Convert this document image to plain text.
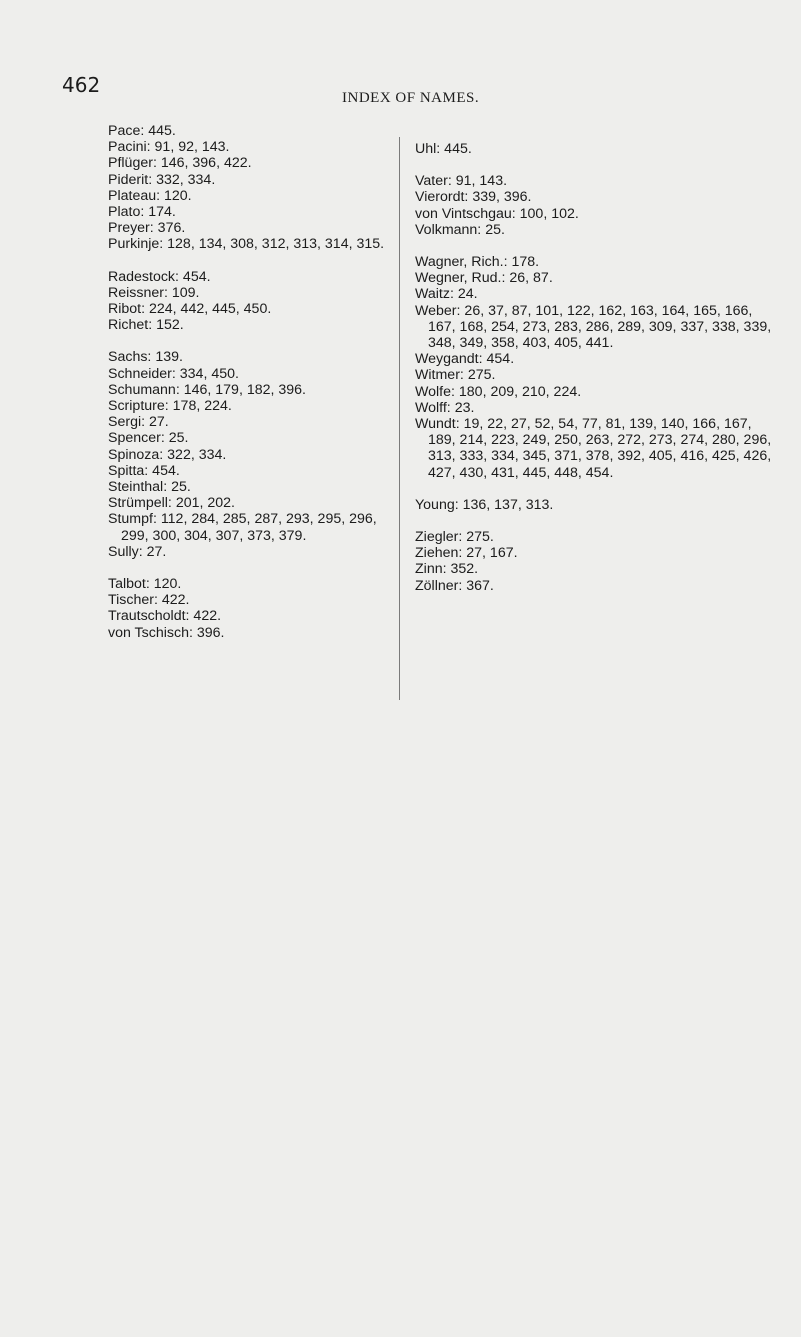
462
INDEX OF NAMES.
Pace: 445.
Pacini: 91, 92, 143.
Pflüger: 146, 396, 422.
Piderit: 332, 334.
Plateau: 120.
Plato: 174.
Preyer: 376.
Purkinje: 128, 134, 308, 312, 313, 314, 315.
Radestock: 454.
Reissner: 109.
Ribot: 224, 442, 445, 450.
Richet: 152.
Sachs: 139.
Schneider: 334, 450.
Schumann: 146, 179, 182, 396.
Scripture: 178, 224.
Sergi: 27.
Spencer: 25.
Spinoza: 322, 334.
Spitta: 454.
Steinthal: 25.
Strümpell: 201, 202.
Stumpf: 112, 284, 285, 287, 293, 295, 296, 299, 300, 304, 307, 373, 379.
Sully: 27.
Talbot: 120.
Tischer: 422.
Trautscholdt: 422.
von Tschisch: 396.
Uhl: 445.
Vater: 91, 143.
Vierordt: 339, 396.
von Vintschgau: 100, 102.
Volkmann: 25.
Wagner, Rich.: 178.
Wegner, Rud.: 26, 87.
Waitz: 24.
Weber: 26, 37, 87, 101, 122, 162, 163, 164, 165, 166, 167, 168, 254, 273, 283, 286, 289, 309, 337, 338, 339, 348, 349, 358, 403, 405, 441.
Weygandt: 454.
Witmer: 275.
Wolfe: 180, 209, 210, 224.
Wolff: 23.
Wundt: 19, 22, 27, 52, 54, 77, 81, 139, 140, 166, 167, 189, 214, 223, 249, 250, 263, 272, 273, 274, 280, 296, 313, 333, 334, 345, 371, 378, 392, 405, 416, 425, 426, 427, 430, 431, 445, 448, 454.
Young: 136, 137, 313.
Ziegler: 275.
Ziehen: 27, 167.
Zinn: 352.
Zöllner: 367.
